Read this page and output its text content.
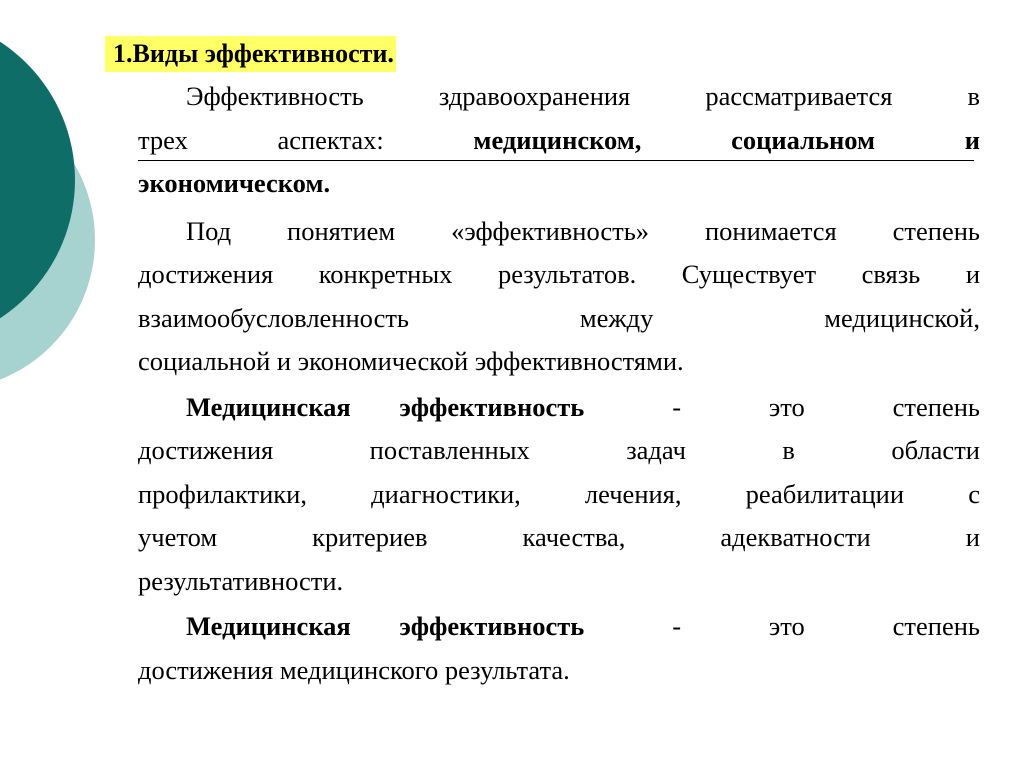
1.Виды эффективности.
Эффективность	здравоохранения	рассматривается	в
трех	аспектах:	медицинском,	социальном	и
экономическом.
Под понятием «эффективность» понимается степень
достижения конкретных результатов. Существует связь и
взаимообусловленность	между	медицинской,
социальной и экономической эффективностями.
Медицинская эффективность	-	это	степень
достижения	поставленных	задач	в	области
профилактики, диагностики, лечения, реабилитации с
учетом	критериев	качества,	адекватности	и
результативности.
Медицинская эффективность	-	это	степень
достижения медицинского результата.
